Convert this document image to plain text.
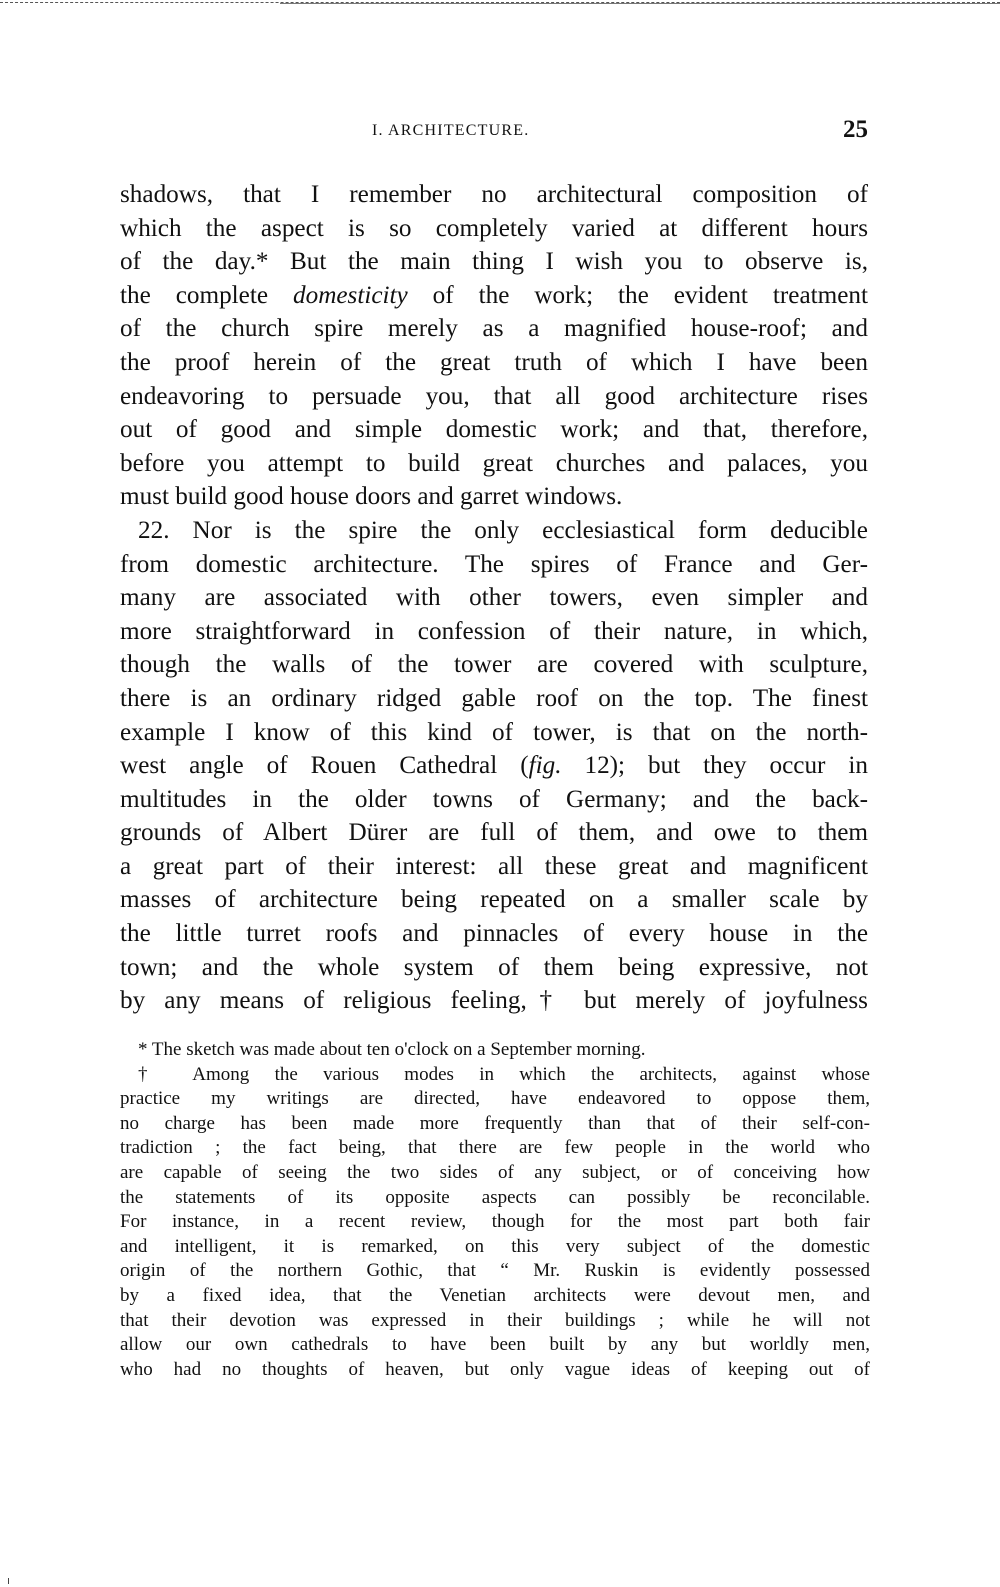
I. ARCHITECTURE.	25
shadows, that I remember no architectural composition of
which the aspect is so completely varied at different hours
of the day.* But the main thing I wish you to observe is,
the complete domesticity of the work; the evident treatment
of the church spire merely as a magnified house-roof; and
the proof herein of the great truth of which I have been
endeavoring to persuade you, that all good architecture rises
out of good and simple domestic work; and that, therefore,
before you attempt to build great churches and palaces, you
must build good house doors and garret windows.
22. Nor is the spire the only ecclesiastical form deducible
from domestic architecture. The spires of France and Ger-
many are associated with other towers, even simpler and
more straightforward in confession of their nature, in which,
though the walls of the tower are covered with sculpture,
there is an ordinary ridged gable roof on the top. The finest
example I know of this kind of tower, is that on the north-
west angle of Rouen Cathedral (fig. 12); but they occur in
multitudes in the older towns of Germany; and the back-
grounds of Albert Dürer are full of them, and owe to them
a great part of their interest: all these great and magnificent
masses of architecture being repeated on a smaller scale by
the little turret roofs and pinnacles of every house in the
town; and the whole system of them being expressive, not
by any means of religious feeling,† but merely of joyfulness
* The sketch was made about ten o'clock on a September morning.
† Among the various modes in which the architects, against whose
practice my writings are directed, have endeavored to oppose them,
no charge has been made more frequently than that of their self-con-
tradiction ; the fact being, that there are few people in the world who
are capable of seeing the two sides of any subject, or of conceiving how
the statements of its opposite aspects can possibly be reconcilable.
For instance, in a recent review, though for the most part both fair
and intelligent, it is remarked, on this very subject of the domestic
origin of the northern Gothic, that “ Mr. Ruskin is evidently possessed
by a fixed idea, that the Venetian architects were devout men, and
that their devotion was expressed in their buildings ; while he will not
allow our own cathedrals to have been built by any but worldly men,
who had no thoughts of heaven, but only vague ideas of keeping out of
